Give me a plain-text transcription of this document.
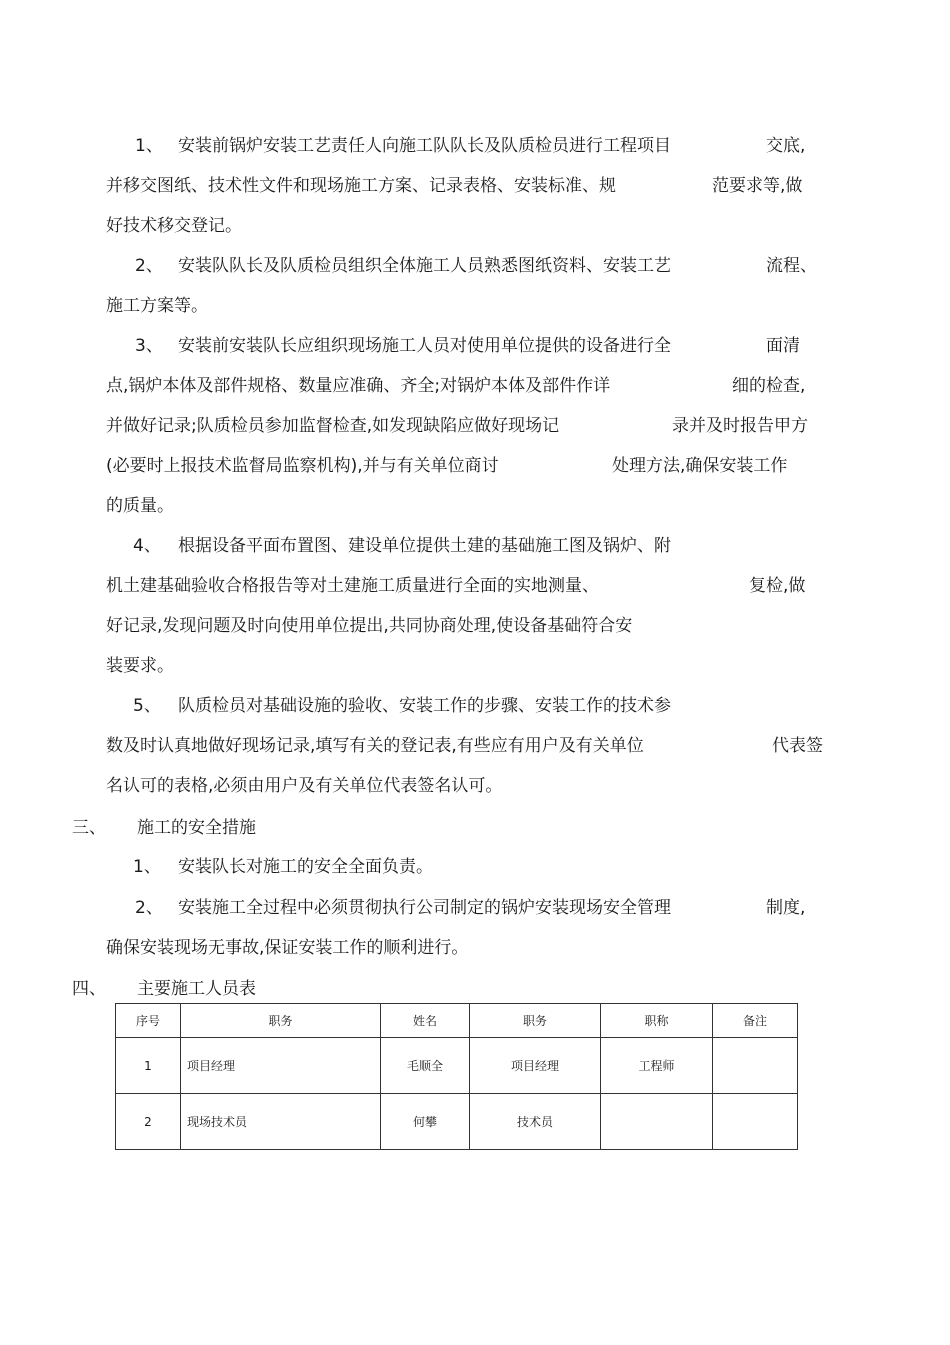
1、 安装前锅炉安装工艺责任人向施工队队长及队质检员进行工程项目	交底,

并移交图纸、技术性文件和现场施工方案、记录表格、安装标准、规	范要求等,做

好技术移交登记。

2、 安装队队长及队质检员组织全体施工人员熟悉图纸资料、安装工艺	流程、

施工方案等。

3、 安装前安装队长应组织现场施工人员对使用单位提供的设备进行全	面清

点,锅炉本体及部件规格、数量应准确、齐全;对锅炉本体及部件作详	细的检查,

并做好记录;队质检员参加监督检查,如发现缺陷应做好现场记	录并及时报告甲方

(必要时上报技术监督局监察机构),并与有关单位商讨	处理方法,确保安装工作

的质量。

4、 根据设备平面布置图、建设单位提供土建的基础施工图及锅炉、附

机土建基础验收合格报告等对土建施工质量进行全面的实地测量、	复检,做

好记录,发现问题及时向使用单位提出,共同协商处理,使设备基础符合安

装要求。

5、 队质检员对基础设施的验收、安装工作的步骤、安装工作的技术参

数及时认真地做好现场记录,填写有关的登记表,有些应有用户及有关单位	代表签

名认可的表格,必须由用户及有关单位代表签名认可。

三、 施工的安全措施
1、 安装队长对施工的安全全面负责。

2、 安装施工全过程中必须贯彻执行公司制定的锅炉安装现场安全管理	制度,

确保安装现场无事故,保证安装工作的顺利进行。

四、 主要施工人员表
序号	职务	姓名	职务	职称	备注
1	项目经理	毛顺全	项目经理	工程师	
2	现场技术员	何攀	技术员		
